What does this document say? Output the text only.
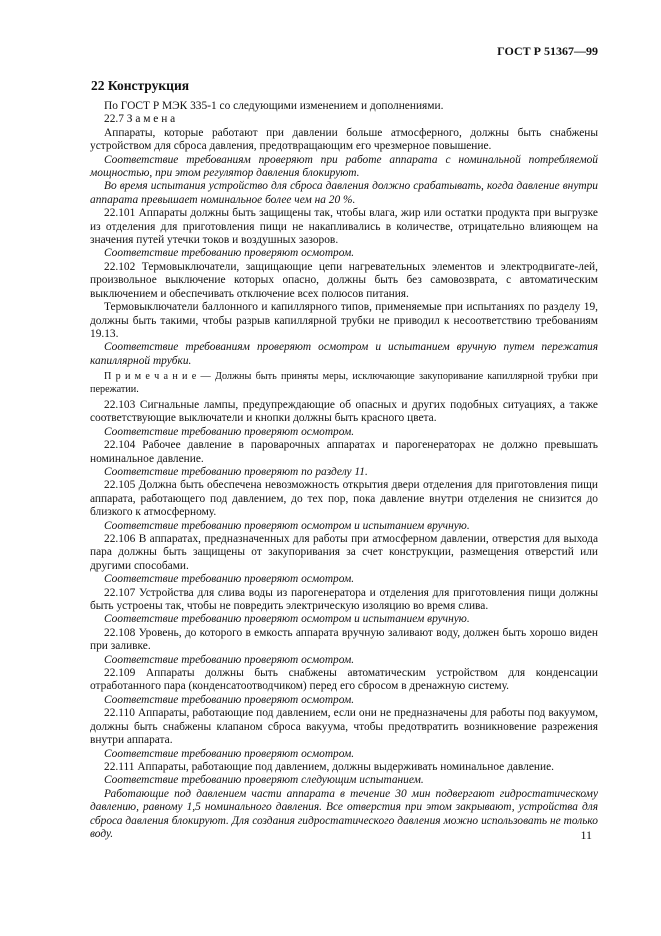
ГОСТ Р 51367—99
22 Конструкция

По ГОСТ Р МЭК 335-1 со следующими изменением и дополнениями.

22.7 З а м е н а

Аппараты, которые работают при давлении больше атмосферного, должны быть снабжены устройством для сброса давления, предотвращающим его чрезмерное повышение.

Соответствие требованиям проверяют при работе аппарата с номинальной потребляемой мощностью, при этом регулятор давления блокируют.

Во время испытания устройство для сброса давления должно срабатывать, когда давление внутри аппарата превышает номинальное более чем на 20 %.

22.101 Аппараты должны быть защищены так, чтобы влага, жир или остатки продукта при выгрузке из отделения для приготовления пищи не накапливались в количестве, отрицательно влияющем на значения путей утечки токов и воздушных зазоров.

Соответствие требованию проверяют осмотром.

22.102 Термовыключатели, защищающие цепи нагревательных элементов и электродвигате-лей, произвольное выключение которых опасно, должны быть без самовозврата, с автоматическим выключением и обеспечивать отключение всех полюсов питания.

Термовыключатели баллонного и капиллярного типов, применяемые при испытаниях по разделу 19, должны быть такими, чтобы разрыв капиллярной трубки не приводил к несоответствию требованиям 19.13.

Соответствие требованиям проверяют осмотром и испытанием вручную путем пережатия капиллярной трубки.

П р и м е ч а н и е — Должны быть приняты меры, исключающие закупоривание капиллярной трубки при пережатии.

22.103 Сигнальные лампы, предупреждающие об опасных и других подобных ситуациях, а также соответствующие выключатели и кнопки должны быть красного цвета.

Соответствие требованию проверяют осмотром.

22.104 Рабочее давление в пароварочных аппаратах и парогенераторах не должно превышать номинальное давление.

Соответствие требованию проверяют по разделу 11.

22.105 Должна быть обеспечена невозможность открытия двери отделения для приготовления пищи аппарата, работающего под давлением, до тех пор, пока давление внутри отделения не снизится до близкого к атмосферному.

Соответствие требованию проверяют осмотром и испытанием вручную.

22.106 В аппаратах, предназначенных для работы при атмосферном давлении, отверстия для выхода пара должны быть защищены от закупоривания за счет конструкции, размещения отверстий или другими способами.

Соответствие требованию проверяют осмотром.

22.107 Устройства для слива воды из парогенератора и отделения для приготовления пищи должны быть устроены так, чтобы не повредить электрическую изоляцию во время слива.

Соответствие требованию проверяют осмотром и испытанием вручную.

22.108 Уровень, до которого в емкость аппарата вручную заливают воду, должен быть хорошо виден при заливке.

Соответствие требованию проверяют осмотром.

22.109 Аппараты должны быть снабжены автоматическим устройством для конденсации отработанного пара (конденсатоотводчиком) перед его сбросом в дренажную систему.

Соответствие требованию проверяют осмотром.

22.110 Аппараты, работающие под давлением, если они не предназначены для работы под вакуумом, должны быть снабжены клапаном сброса вакуума, чтобы предотвратить возникновение разрежения внутри аппарата.

Соответствие требованию проверяют осмотром.

22.111 Аппараты, работающие под давлением, должны выдерживать номинальное давление.

Соответствие требованию проверяют следующим испытанием.

Работающие под давлением части аппарата в течение 30 мин подвергают гидростатическому давлению, равному 1,5 номинального давления. Все отверстия при этом закрывают, устройства для сброса давления блокируют. Для создания гидростатического давления можно использовать не только воду.	11
